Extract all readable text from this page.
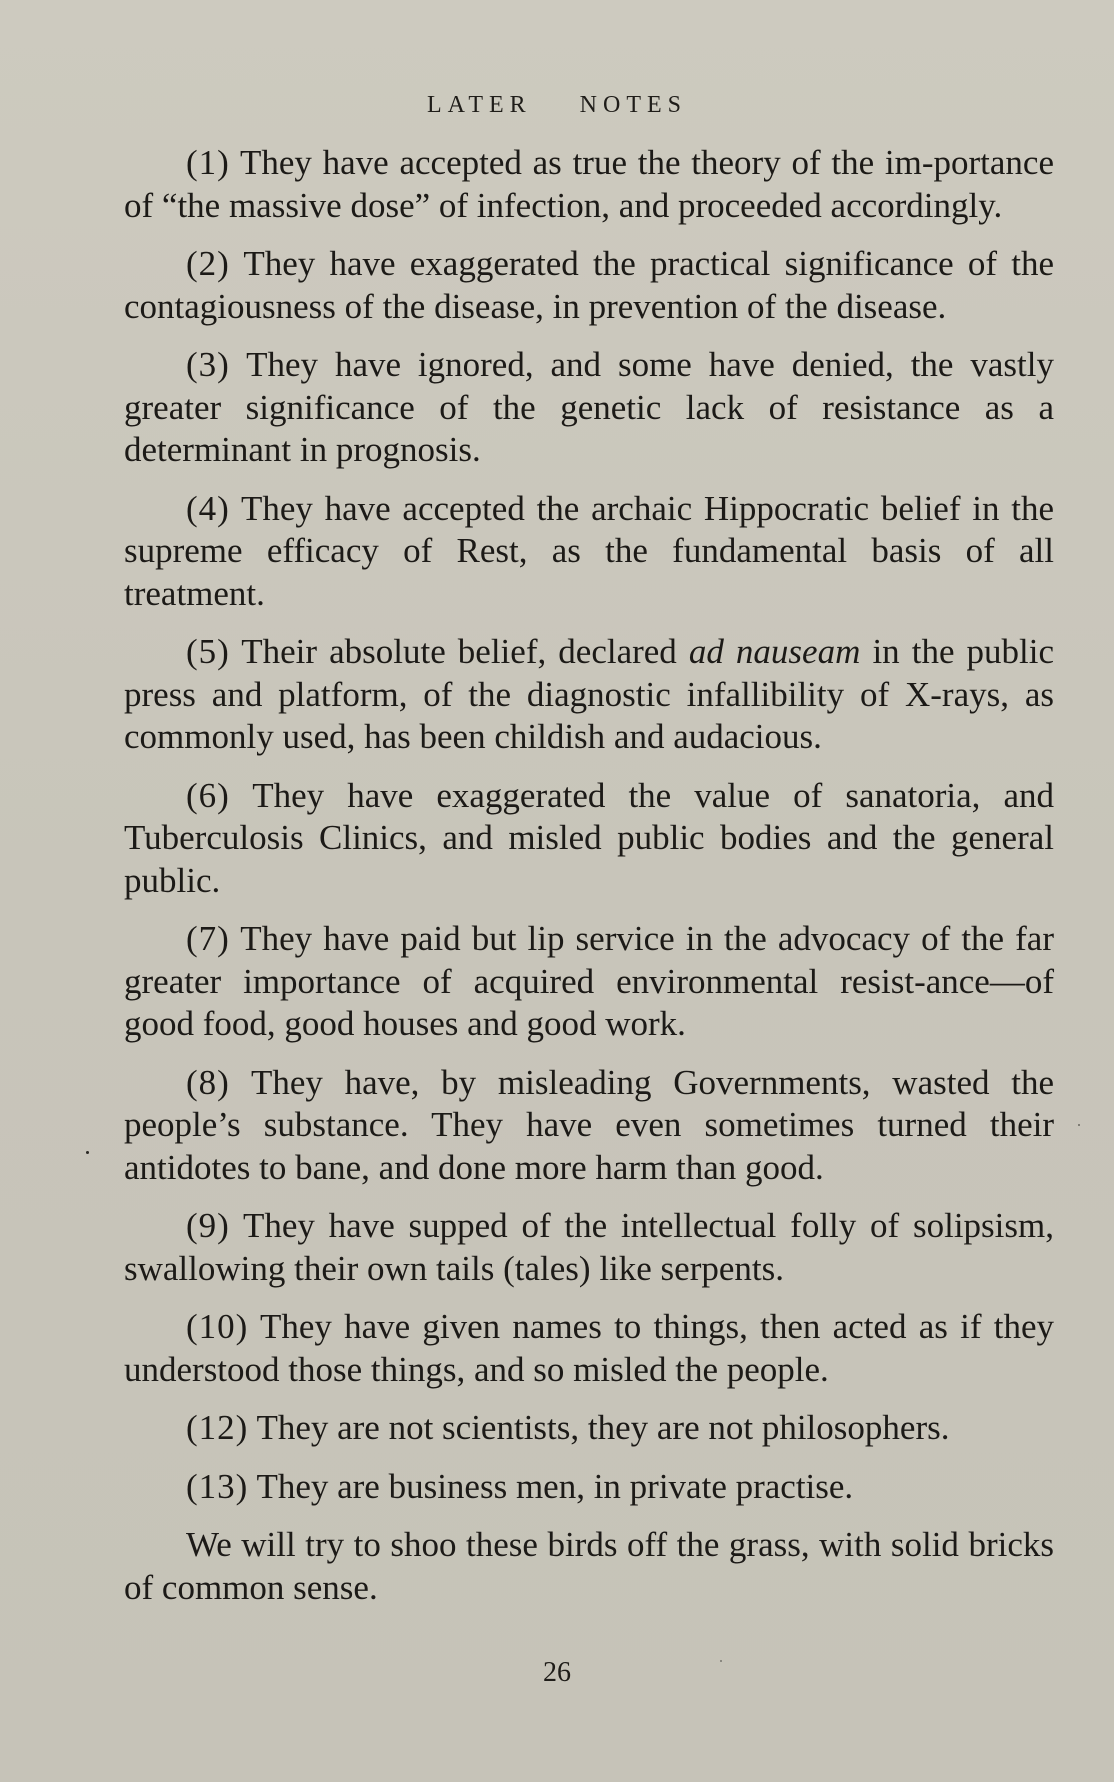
LATER NOTES

(1) They have accepted as true the theory of the im-portance of “the massive dose” of infection, and proceeded accordingly.

(2) They have exaggerated the practical significance of the contagiousness of the disease, in prevention of the disease.

(3) They have ignored, and some have denied, the vastly greater significance of the genetic lack of resistance as a determinant in prognosis.

(4) They have accepted the archaic Hippocratic belief in the supreme efficacy of Rest, as the fundamental basis of all treatment.

(5) Their absolute belief, declared ad nauseam in the public press and platform, of the diagnostic infallibility of X-rays, as commonly used, has been childish and audacious.

(6) They have exaggerated the value of sanatoria, and Tuberculosis Clinics, and misled public bodies and the general public.

(7) They have paid but lip service in the advocacy of the far greater importance of acquired environmental resist-ance—of good food, good houses and good work.

(8) They have, by misleading Governments, wasted the people’s substance. They have even sometimes turned their antidotes to bane, and done more harm than good.

(9) They have supped of the intellectual folly of solipsism, swallowing their own tails (tales) like serpents.

(10) They have given names to things, then acted as if they understood those things, and so misled the people.

(12) They are not scientists, they are not philosophers.

(13) They are business men, in private practise.

We will try to shoo these birds off the grass, with solid bricks of common sense.

26
